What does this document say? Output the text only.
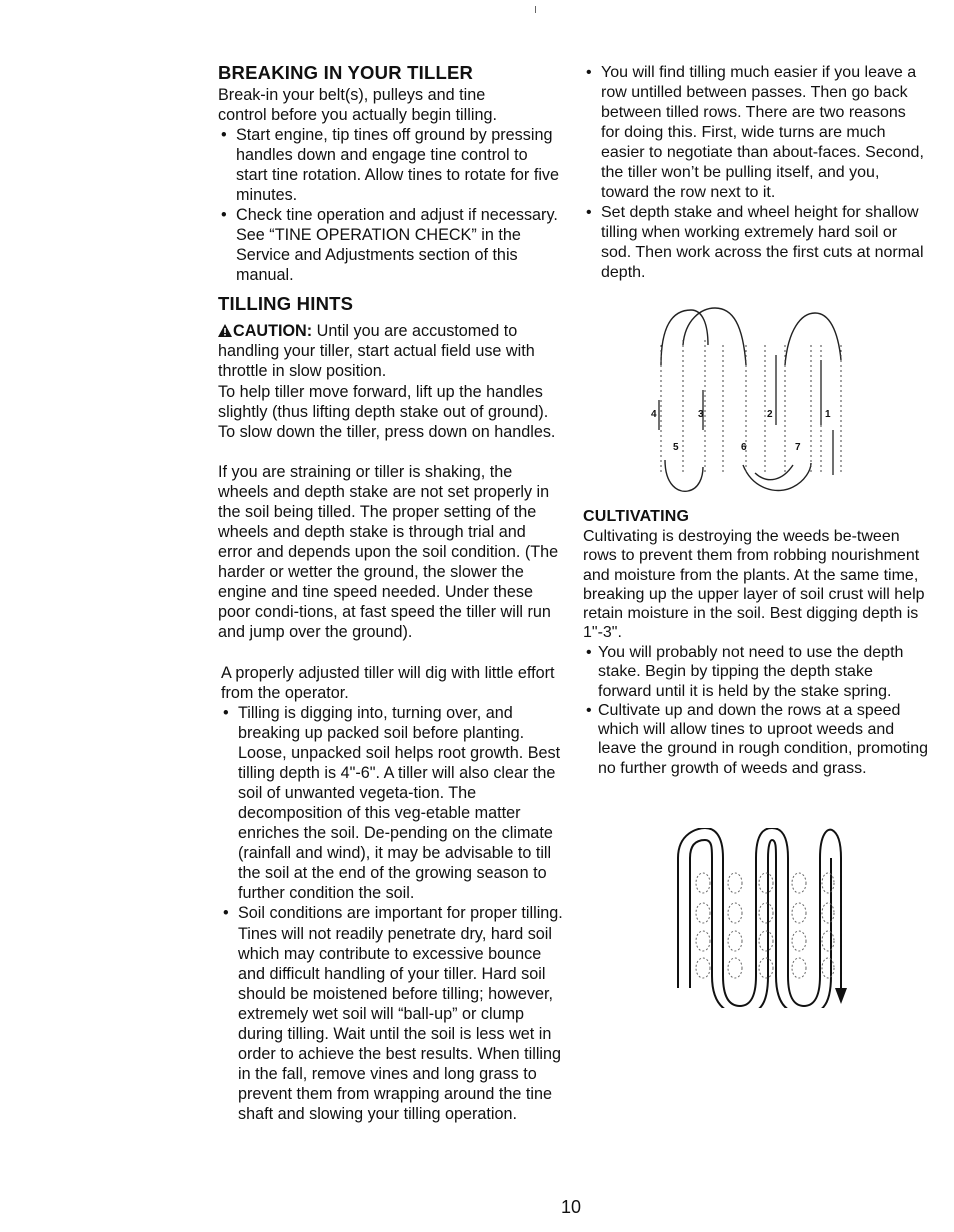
BREAKING IN YOUR TILLER

Break-in your belt(s), pulleys and tine control before you actually begin tilling.

• Start engine, tip tines off ground by pressing handles down and engage tine control to start tine rotation. Allow tines to rotate for five minutes.
• Check tine operation and adjust if necessary. See “TINE OPERATION CHECK” in the Service and Adjustments section of this manual.
TILLING HINTS

CAUTION: Until you are accustomed to handling your tiller, start actual field use with throttle in slow position.

To help tiller move forward, lift up the handles slightly (thus lifting depth stake out of ground). To slow down the tiller, press down on handles.

If you are straining or tiller is shaking, the wheels and depth stake are not set properly in the soil being tilled. The proper setting of the wheels and depth stake is through trial and error and depends upon the soil condition. (The harder or wetter the ground, the slower the engine and tine speed needed. Under these poor condi-tions, at fast speed the tiller will run and jump over the ground).

A properly adjusted tiller will dig with little effort from the operator.

• Tilling is digging into, turning over, and breaking up packed soil before planting. Loose, unpacked soil helps root growth. Best tilling depth is 4"-6". A tiller will also clear the soil of unwanted vegeta-tion. The decomposition of this veg-etable matter enriches the soil. De-pending on the climate (rainfall and wind), it may be advisable to till the soil at the end of the growing season to further condition the soil.
• Soil conditions are important for proper tilling. Tines will not readily penetrate dry, hard soil which may contribute to excessive bounce and difficult handling of your tiller. Hard soil should be moistened before tilling; however, extremely wet soil will “ball-up” or clump during tilling. Wait until the soil is less wet in order to achieve the best results. When tilling in the fall, remove vines and long grass to prevent them from wrapping around the tine shaft and slowing your tilling operation.
• You will find tilling much easier if you leave a row untilled between passes. Then go back between tilled rows. There are two reasons for doing this. First, wide turns are much easier to negotiate than about-faces. Second, the tiller won’t be pulling itself, and you, toward the row next to it.
• Set depth stake and wheel height for shallow tilling when working extremely hard soil or sod. Then work across the first cuts at normal depth.
4	3	2	1
5	6	7
CULTIVATING

Cultivating is destroying the weeds be-tween rows to prevent them from robbing nourishment and moisture from the plants. At the same time, breaking up the upper layer of soil crust will help retain moisture in the soil. Best digging depth is 1"-3".

• You will probably not need to use the depth stake. Begin by tipping the depth stake forward until it is held by the stake spring.
• Cultivate up and down the rows at a speed which will allow tines to uproot weeds and leave the ground in rough condition, promoting no further growth of weeds and grass.
10
